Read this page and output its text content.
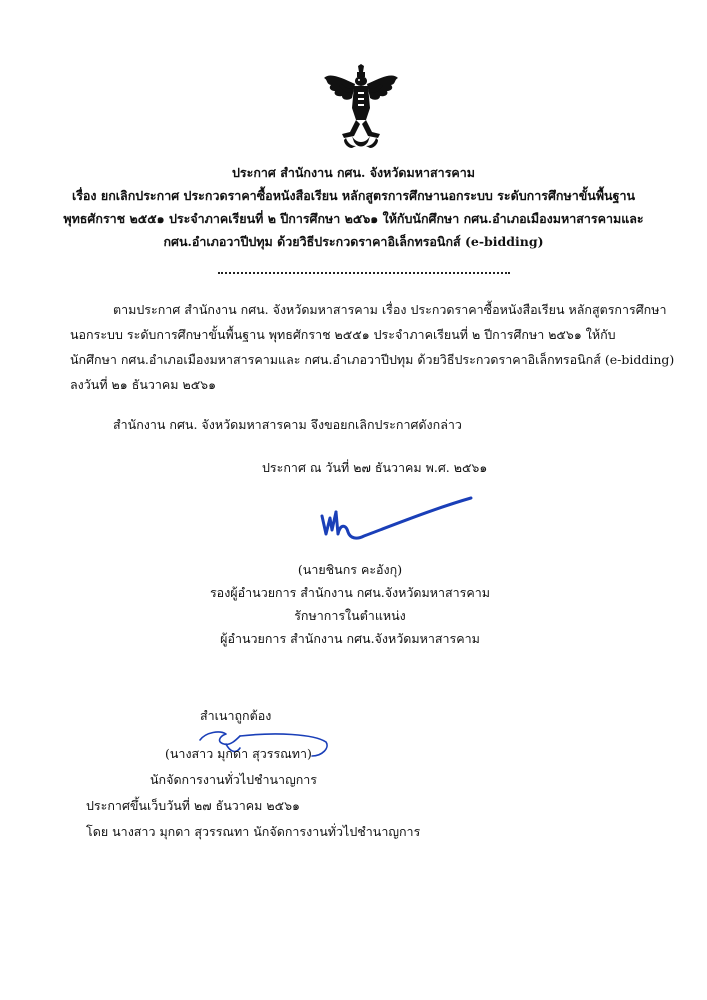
ประกาศ สำนักงาน กศน. จังหวัดมหาสารคาม
เรื่อง ยกเลิกประกาศ ประกวดราคาซื้อหนังสือเรียน หลักสูตรการศึกษานอกระบบ ระดับการศึกษาขั้นพื้นฐาน
พุทธศักราช ๒๕๕๑ ประจำภาคเรียนที่ ๒ ปีการศึกษา ๒๕๖๑ ให้กับนักศึกษา กศน.อำเภอเมืองมหาสารคามและ
กศน.อำเภอวาปีปทุม ด้วยวิธีประกวดราคาอิเล็กทรอนิกส์ (e-bidding)
ตามประกาศ สำนักงาน กศน. จังหวัดมหาสารคาม เรื่อง ประกวดราคาซื้อหนังสือเรียน หลักสูตรการศึกษา
นอกระบบ ระดับการศึกษาขั้นพื้นฐาน พุทธศักราช ๒๕๕๑ ประจำภาคเรียนที่ ๒ ปีการศึกษา ๒๕๖๑ ให้กับ
นักศึกษา กศน.อำเภอเมืองมหาสารคามและ กศน.อำเภอวาปีปทุม ด้วยวิธีประกวดราคาอิเล็กทรอนิกส์ (e-bidding)
ลงวันที่ ๒๑ ธันวาคม ๒๕๖๑
สำนักงาน กศน. จังหวัดมหาสารคาม จึงขอยกเลิกประกาศดังกล่าว
ประกาศ ณ วันที่ ๒๗ ธันวาคม พ.ศ. ๒๕๖๑
(นายชินกร คะอังกุ)
รองผู้อำนวยการ สำนักงาน กศน.จังหวัดมหาสารคาม
รักษาการในตำแหน่ง
ผู้อำนวยการ สำนักงาน กศน.จังหวัดมหาสารคาม
สำเนาถูกต้อง
(นางสาว มุกดา สุวรรณทา)
นักจัดการงานทั่วไปชำนาญการ
ประกาศขึ้นเว็บวันที่ ๒๗ ธันวาคม ๒๕๖๑
โดย นางสาว มุกดา สุวรรณทา นักจัดการงานทั่วไปชำนาญการ
